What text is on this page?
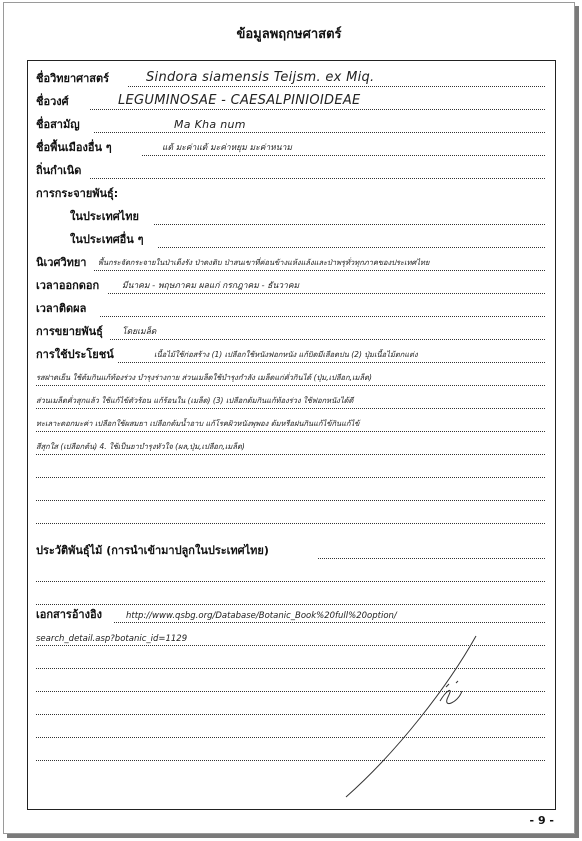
ข้อมูลพฤกษศาสตร์
ชื่อวิทยาศาสตร์	Sindora siamensis Teijsm. ex Miq.
ชื่อวงศ์	LEGUMINOSAE - CAESALPINIOIDEAE
ชื่อสามัญ	Ma Kha num
ชื่อพื้นเมืองอื่น ๆ	แต้ มะค่าแต้ มะค่าหยุม มะค่าหนาม
ถิ่นกำเนิด
การกระจายพันธุ์:
ในประเทศไทย
ในประเทศอื่น ๆ
นิเวศวิทยา พื้นกระจัดกระจายในป่าเต็งรัง ป่าดงดิบ ป่าสนเขาที่ค่อนข้างแห้งแล้งและป่าพรุทั่วทุกภาคของประเทศไทย
เวลาออกดอก	มีนาคม - พฤษภาคม ผลแก่ กรกฎาคม - ธันวาคม
เวลาติดผล
การขยายพันธุ์ โดยเมล็ด
การใช้ประโยชน์	เนื้อไม้ใช้ก่อสร้าง (1) เปลือกใช้หนังฟอกหนัง แก้บิดมีเลือดปน (2) ปุ่มเนื้อไม้ตกแต่ง
รสฝาดเย็น ใช้ต้มกินแก้ท้องร่วง บำรุงร่างกาย ส่วนเมล็ดใช้บำรุงกำลัง เมล็ดแก่คั่วกินได้ (ปุ่ม,เปลือก,เมล็ด)
ส่วนเมล็ดคั่วสุกแล้ว ใช้แก้ไข้ตัวร้อน แก้ร้อนใน (เมล็ด) (3) เปลือกต้มกินแก้ท้องร่วง ใช้ฟอกหนังได้ดี
ทะเลาะดอกมะค่า เปลือกใช้ผสมยา เปลือกต้มน้ำอาบ แก้โรคผิวหนังพุพอง ต้มหรือฝนกินแก้ไข้กินแก้ไข้
สีสุกใส (เปลือกต้น) 4. ใช้เป็นยาบำรุงหัวใจ (ผล,ปุ่ม,เปลือก,เมล็ด)
ประวัติพันธุ์ไม้ (การนำเข้ามาปลูกในประเทศไทย)
เอกสารอ้างอิง	http://www.qsbg.org/Database/Botanic_Book%20full%20option/
search_detail.asp?botanic_id=1129
- 9 -
